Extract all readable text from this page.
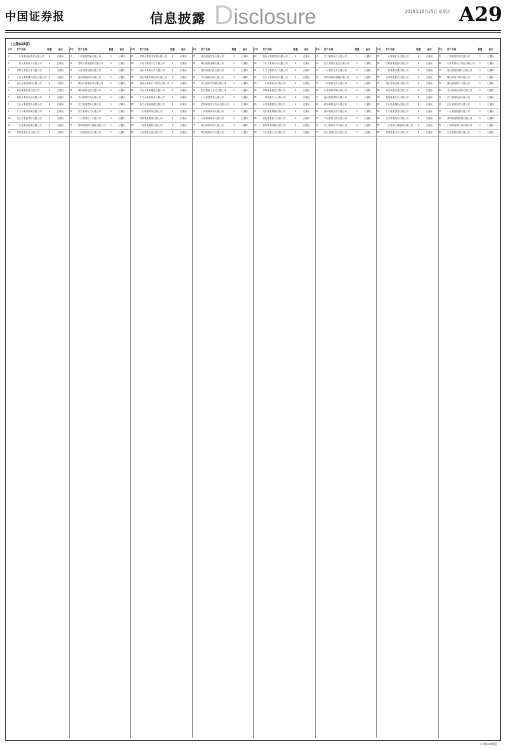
中国证券报	信息披露 Disclosure	2019年10月25日 星期五 A29
（上接A28版）
序号	资产名称	数量	备注
1	广东某某科技股份有限公司	1	已确认
2	广州市某某电子有限公司	1	已确认
3	深圳市某某实业有限公司	1	已确认
4	东莞市某某精密制造有限公司	1	已确认
5	佛山市某某材料有限公司	1	已确认
6	珠海某某股份有限公司	1	已确认
7	惠州市某某光电有限公司	1	已确认
8	中山市某某贸易有限公司	1	已确认
9	江门市某某机械有限公司	1	已确认
10	汕头市某某塑胶有限公司	1	已确认
11	广东某某新能源有限公司	1	已确认
12	深圳某某投资有限公司	1	已确认
序号	资产名称	数量	备注
13	广州某某物流有限公司	1	已确认
14	深圳市某某通讯有限公司	1	已确认
15	东莞某某电器有限公司	1	已确认
16	佛山某某陶瓷有限公司	1	已确认
17	珠海市某某软件有限公司	1	已确认
18	惠州某某电池有限公司	1	已确认
19	中山某某灯饰有限公司	1	已确认
20	江门某某摩托有限公司	1	已确认
21	汕头某某玩具有限公司	1	已确认
22	广东某某化工有限公司	1	已确认
23	深圳某某医疗器械有限公司	1	已确认
24	广州某某食品有限公司	1	已确认
序号	资产名称	数量	备注
25	深圳市某某半导体有限公司	1	已确认
26	东莞市某某五金有限公司	1	已确认
27	佛山市某某家具有限公司	1	已确认
28	珠海某某打印耗材有限公司	1	已确认
29	惠州市某某汽车配件有限公司	1	已确认
30	中山市某某服装有限公司	1	已确认
31	江门市某某纸业有限公司	1	已确认
32	汕头市某某印刷有限公司	1	已确认
33	广东某某环保有限公司	1	已确认
34	深圳某某网络有限公司	1	已确认
35	广州某某建材有限公司	1	已确认
36	东莞某某包装有限公司	1	已确认
序号	资产名称	数量	备注
37	佛山某某铝业有限公司	1	已确认
38	珠海某某游艇有限公司	1	已确认
39	惠州某某石化有限公司	1	已确认
40	中山某某电机有限公司	1	已确认
41	江门某某不锈钢有限公司	1	已确认
42	汕头某某工艺品有限公司	1	已确认
43	广东某某物业有限公司	1	已确认
44	深圳某某显示科技有限公司	1	已确认
45	广州某某医药有限公司	1	已确认
46	东莞某某鞋业有限公司	1	已确认
47	佛山某某纺织有限公司	1	已确认
48	珠海某某电气有限公司	1	已确认
序号	资产名称	数量	备注
49	惠州市某某智能有限公司	1	已确认
50	中山市某某家电有限公司	1	已确认
51	江门市某某水产有限公司	1	已确认
52	汕头市某某内衣有限公司	1	已确认
53	广东某某电力有限公司	1	已确认
54	深圳某某激光有限公司	1	已确认
55	广州某某汽车有限公司	1	已确认
56	东莞某某模具有限公司	1	已确认
57	佛山某某照明有限公司	1	已确认
58	珠海某某航空有限公司	1	已确认
59	惠州某某线缆有限公司	1	已确认
60	中山某某五金有限公司	1	已确认
序号	资产名称	数量	备注
61	江门某某电子有限公司	1	已确认
62	汕头某某化妆品有限公司	1	已确认
63	广东某某农业有限公司	1	已确认
64	深圳某某传感器有限公司	1	已确认
65	广州某某文化有限公司	1	已确认
66	东莞某某塑料有限公司	1	已确认
67	佛山某某钢铁有限公司	1	已确认
68	珠海某某海洋有限公司	1	已确认
69	惠州某某光学有限公司	1	已确认
70	中山某某卫浴有限公司	1	已确认
71	江门某某灯具有限公司	1	已确认
72	汕头某某机电有限公司	1	已确认
序号	资产名称	数量	备注
73	广东某某矿业有限公司	1	已确认
74	深圳某某储能有限公司	1	已确认
75	广州某某传媒有限公司	1	已确认
76	东莞某某纸品有限公司	1	已确认
77	佛山某某涂料有限公司	1	已确认
78	珠海某某仪表有限公司	1	已确认
79	惠州某某化纤有限公司	1	已确认
80	中山某某橡胶有限公司	1	已确认
81	江门某某建设有限公司	1	已确认
82	汕头某某陶瓷有限公司	1	已确认
83	广东某某金融服务有限公司	1	已确认
84	深圳某某芯片有限公司	1	已确认
序号	资产名称	数量	备注
85	广州某某环境有限公司	1	已确认
86	东莞某某电子科技有限公司	1	已确认
87	佛山某某机器人有限公司	1	已确认
88	珠海某某生物有限公司	1	已确认
89	惠州某某精工有限公司	1	已确认
90	中山某某新材料有限公司	1	已确认
91	江门某某轨道有限公司	1	已确认
92	汕头某某纺织有限公司	1	已确认
93	广东某某数据有限公司	1	已确认
94	深圳某某物联网有限公司	1	已确认
95	广州某某供应链有限公司	1	已确认
96	东莞某某检测有限公司	1	已确认
(下转A30版)
